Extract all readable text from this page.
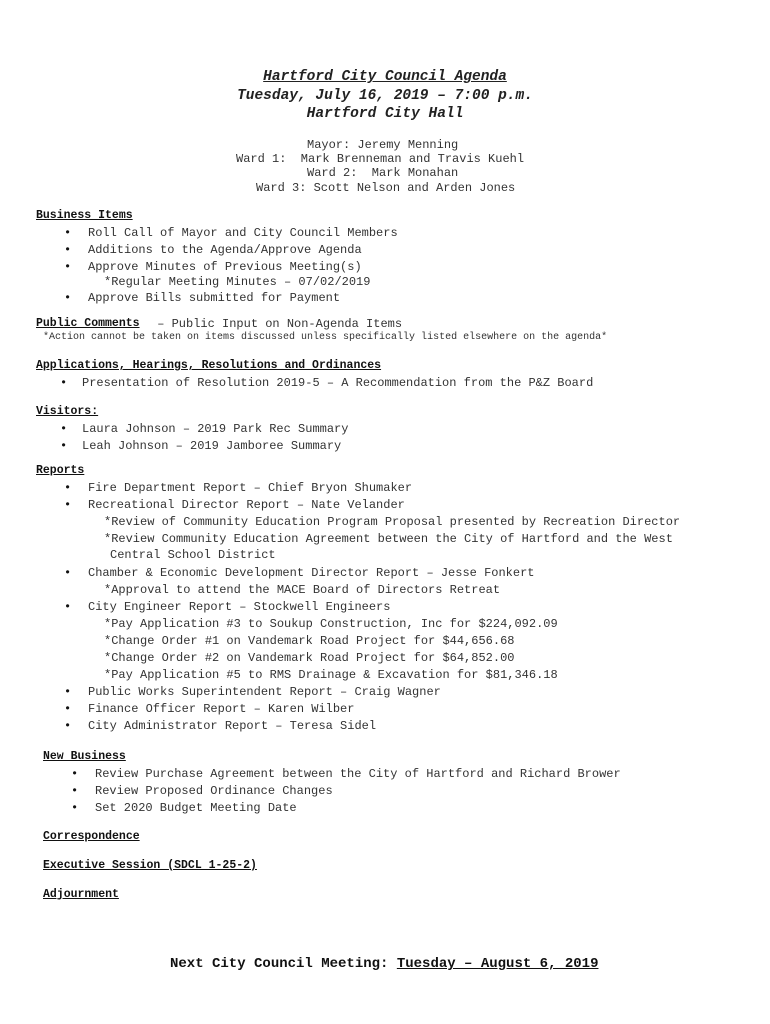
Hartford City Council Agenda
Tuesday, July 16, 2019 – 7:00 p.m.
Hartford City Hall
Mayor: Jeremy Menning
Ward 1:  Mark Brenneman and Travis Kuehl
Ward 2:  Mark Monahan
Ward 3: Scott Nelson and Arden Jones
Business Items
• Roll Call of Mayor and City Council Members
• Additions to the Agenda/Approve Agenda
• Approve Minutes of Previous Meeting(s)
*Regular Meeting Minutes – 07/02/2019
• Approve Bills submitted for Payment
Public Comments – Public Input on Non-Agenda Items
*Action cannot be taken on items discussed unless specifically listed elsewhere on the agenda*
Applications, Hearings, Resolutions and Ordinances
• Presentation of Resolution 2019-5 – A Recommendation from the P&Z Board
Visitors:
• Laura Johnson – 2019 Park Rec Summary
• Leah Johnson – 2019 Jamboree Summary
Reports
• Fire Department Report – Chief Bryon Shumaker
• Recreational Director Report – Nate Velander
*Review of Community Education Program Proposal presented by Recreation Director
*Review Community Education Agreement between the City of Hartford and the West
Central School District
• Chamber & Economic Development Director Report – Jesse Fonkert
*Approval to attend the MACE Board of Directors Retreat
• City Engineer Report – Stockwell Engineers
*Pay Application #3 to Soukup Construction, Inc for $224,092.09
*Change Order #1 on Vandemark Road Project for $44,656.68
*Change Order #2 on Vandemark Road Project for $64,852.00
*Pay Application #5 to RMS Drainage & Excavation for $81,346.18
• Public Works Superintendent Report – Craig Wagner
• Finance Officer Report – Karen Wilber
• City Administrator Report – Teresa Sidel
New Business
• Review Purchase Agreement between the City of Hartford and Richard Brower
• Review Proposed Ordinance Changes
• Set 2020 Budget Meeting Date
Correspondence
Executive Session (SDCL 1-25-2)
Adjournment
Next City Council Meeting: Tuesday – August 6, 2019
